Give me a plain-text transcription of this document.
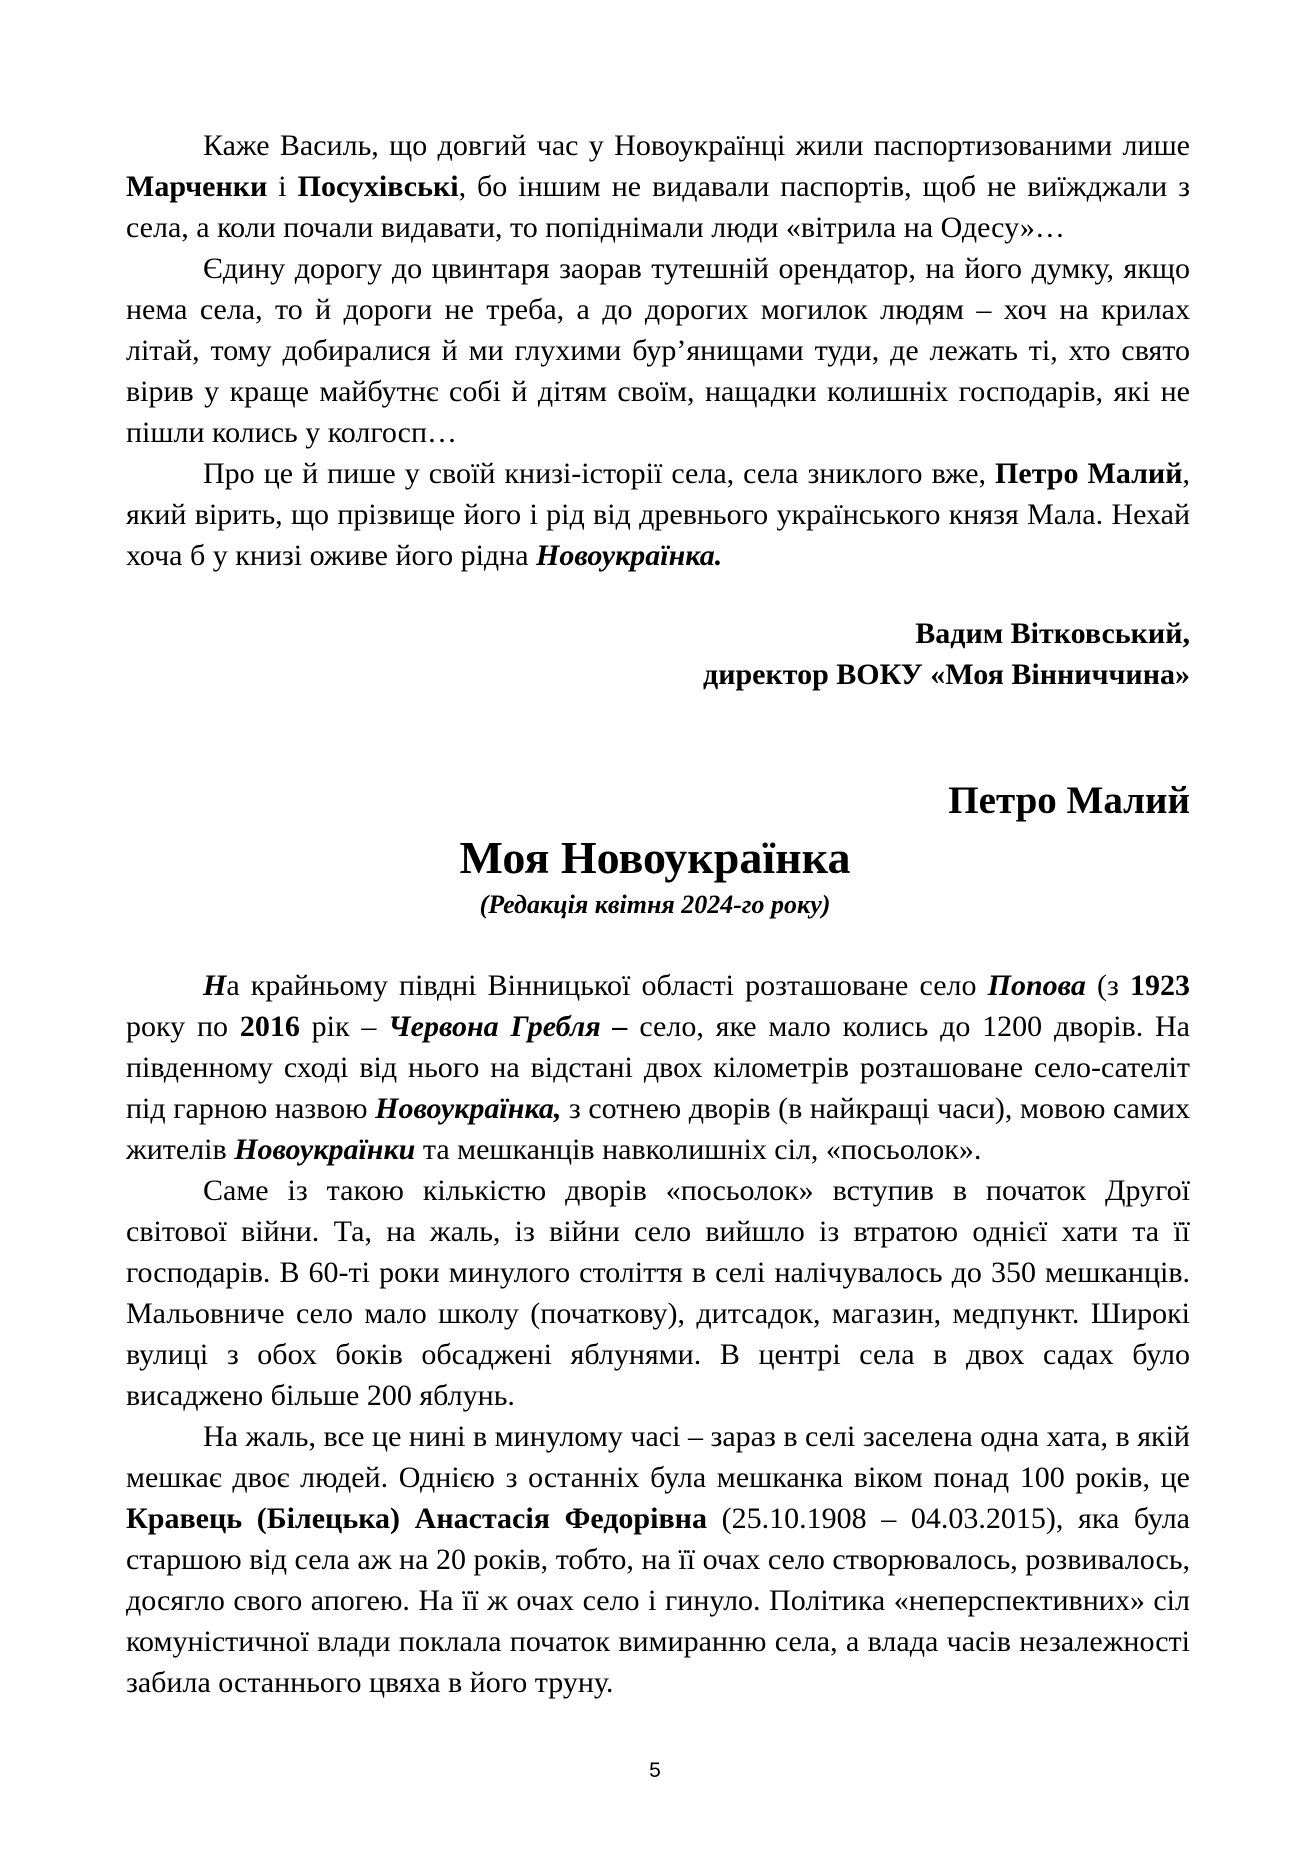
Каже Василь, що довгий час у Новоукраїнці жили паспортизованими лише Марченки і Посухівські, бо іншим не видавали паспортів, щоб не виїжджали з села, а коли почали видавати, то попіднімали люди «вітрила на Одесу»…

Єдину дорогу до цвинтаря заорав тутешній орендатор, на його думку, якщо нема села, то й дороги не треба, а до дорогих могилок людям – хоч на крилах літай, тому добиралися й ми глухими бур’янищами туди, де лежать ті, хто свято вірив у краще майбутнє собі й дітям своїм, нащадки колишніх господарів, які не пішли колись у колгосп…

Про це й пише у своїй книзі-історії села, села зниклого вже, Петро Малий, який вірить, що прізвище його і рід від древнього українського князя Мала. Нехай хоча б у книзі оживе його рідна Новоукраїнка.

Вадим Вітковський,
директор ВОКУ «Моя Вінниччина»
Петро Малий
Моя Новоукраїнка
(Редакція квітня 2024-го року)

На крайньому півдні Вінницької області розташоване село Попова (з 1923 року по 2016 рік – Червона Гребля – село, яке мало колись до 1200 дворів. На південному сході від нього на відстані двох кілометрів розташоване село-сателіт під гарною назвою Новоукраїнка, з сотнею дворів (в найкращі часи), мовою самих жителів Новоукраїнки та мешканців навколишніх сіл, «посьолок».

Саме із такою кількістю дворів «посьолок» вступив в початок Другої світової війни. Та, на жаль, із війни село вийшло із втратою однієї хати та її господарів. В 60-ті роки минулого століття в селі налічувалось до 350 мешканців. Мальовниче село мало школу (початкову), дитсадок, магазин, медпункт. Широкі вулиці з обох боків обсаджені яблунями. В центрі села в двох садах було висаджено більше 200 яблунь.

На жаль, все це нині в минулому часі – зараз в селі заселена одна хата, в якій мешкає двоє людей. Однією з останніх була мешканка віком понад 100 років, це Кравець (Білецька) Анастасія Федорівна (25.10.1908 – 04.03.2015), яка була старшою від села аж на 20 років, тобто, на її очах село створювалось, розвивалось, досягло свого апогею. На її ж очах село і гинуло. Політика «неперспективних» сіл комуністичної влади поклала початок вимиранню села, а влада часів незалежності забила останнього цвяха в його труну.

5
